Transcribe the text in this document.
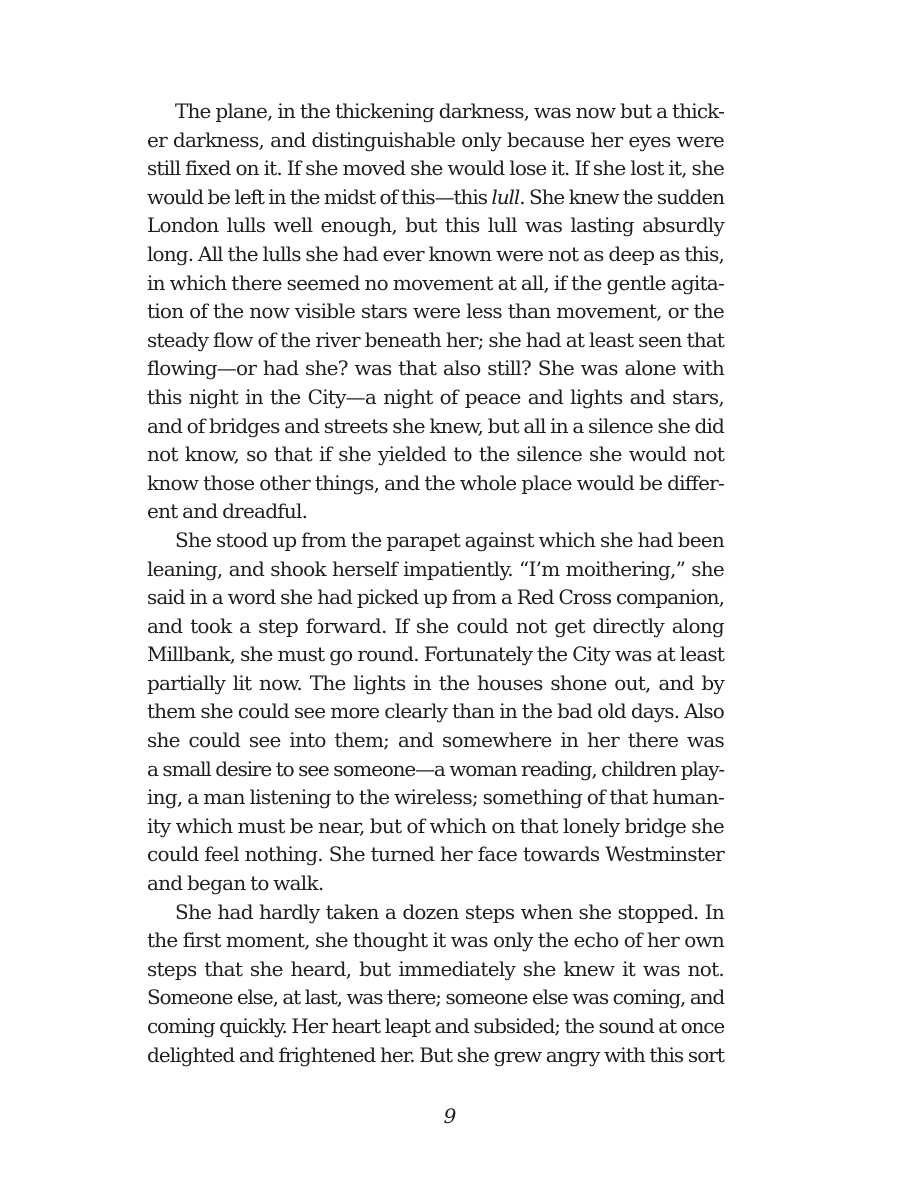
The plane, in the thickening darkness, was now but a thick-
er darkness, and distinguishable only because her eyes were
still fixed on it. If she moved she would lose it. If she lost it, she
would be left in the midst of this—this lull. She knew the sudden
London lulls well enough, but this lull was lasting absurdly
long. All the lulls she had ever known were not as deep as this,
in which there seemed no movement at all, if the gentle agita-
tion of the now visible stars were less than movement, or the
steady flow of the river beneath her; she had at least seen that
flowing—or had she? was that also still? She was alone with
this night in the City—a night of peace and lights and stars,
and of bridges and streets she knew, but all in a silence she did
not know, so that if she yielded to the silence she would not
know those other things, and the whole place would be differ-
ent and dreadful.
She stood up from the parapet against which she had been
leaning, and shook herself impatiently. “I’m moithering,” she
said in a word she had picked up from a Red Cross companion,
and took a step forward. If she could not get directly along
Millbank, she must go round. Fortunately the City was at least
partially lit now. The lights in the houses shone out, and by
them she could see more clearly than in the bad old days. Also
she could see into them; and somewhere in her there was
a small desire to see someone—a woman reading, children play-
ing, a man listening to the wireless; something of that human-
ity which must be near, but of which on that lonely bridge she
could feel nothing. She turned her face towards Westminster
and began to walk.
She had hardly taken a dozen steps when she stopped. In
the first moment, she thought it was only the echo of her own
steps that she heard, but immediately she knew it was not.
Someone else, at last, was there; someone else was coming, and
coming quickly. Her heart leapt and subsided; the sound at once
delighted and frightened her. But she grew angry with this sort
9
